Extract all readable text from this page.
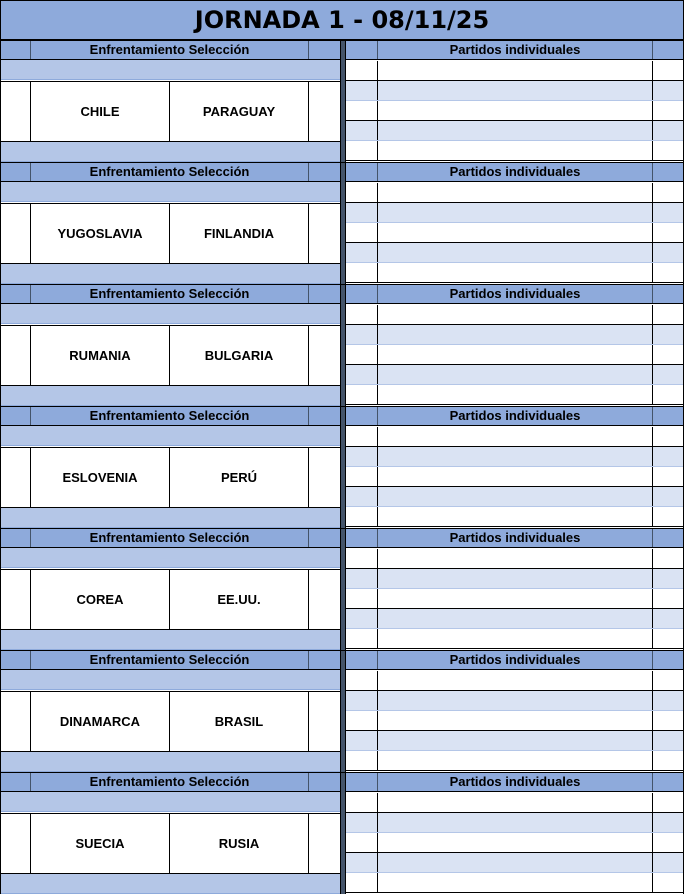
JORNADA 1 - 08/11/25
Enfrentamiento Selección
CHILE	PARAGUAY
Partidos individuales
Enfrentamiento Selección
YUGOSLAVIA	FINLANDIA
Partidos individuales
Enfrentamiento Selección
RUMANIA	BULGARIA
Partidos individuales
Enfrentamiento Selección
ESLOVENIA	PERÚ
Partidos individuales
Enfrentamiento Selección
COREA	EE.UU.
Partidos individuales
Enfrentamiento Selección
DINAMARCA	BRASIL
Partidos individuales
Enfrentamiento Selección
SUECIA	RUSIA
Partidos individuales
